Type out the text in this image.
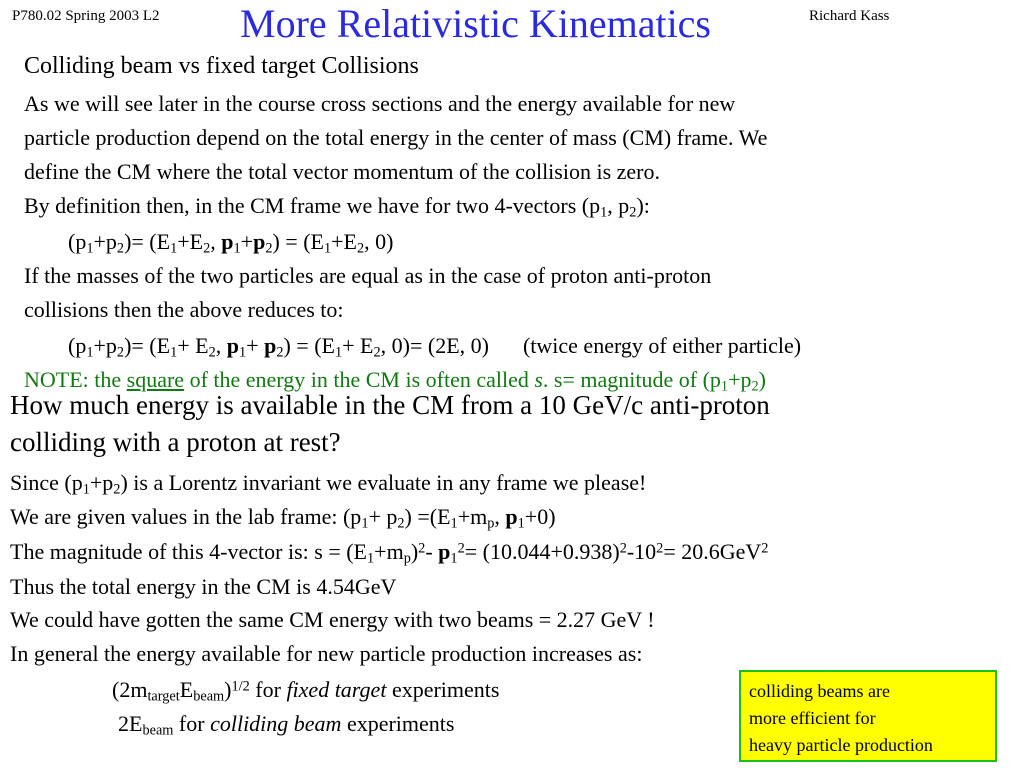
P780.02 Spring 2003 L2 More Relativistic Kinematics	Richard Kass
Colliding beam vs fixed target Collisions
As we will see later in the course cross sections and the energy available for new
particle production depend on the total energy in the center of mass (CM) frame. We
define the CM where the total vector momentum of the collision is zero.
By definition then, in the CM frame we have for two 4-vectors ($p_1$, $p_2$):
$(p_1+p_2)= (E_1+E_2$, $p_1+p_2) = (E_1+E_2$, 0)
If the masses of the two particles are equal as in the case of proton anti-proton
collisions then the above reduces to:
$(p_1+p_2)= (E_1+ E_2$, $p_1+ p_2) = (E_1+ E_2$, 0)= (2E, 0) (twice energy of either particle)
NOTE: the square of the energy in the CM is often called s. s= magnitude of $(p_1+p_2)$
How much energy is available in the CM from a 10 GeV/c anti-proton
colliding with a proton at rest?
Since $(p_1+p_2)$ is a Lorentz invariant we evaluate in any frame we please!
We are given values in the lab frame: $(p_1+ p_2) =(E_1+m_p$, $p_1+0$)
The magnitude of this 4-vector is: $s = (E_1+m_p)^2-$ $p_1^2= (10.044+0.938)^2-10^2= 20.6GeV^2$
Thus the total energy in the CM is 4.54GeV
We could have gotten the same CM energy with two beams = 2.27 GeV !
In general the energy available for new particle production increases as:
$(2m_{target}E_{beam})^{1/2}$ for fixed target experiments
$2E_{beam}$ for colliding beam experiments
colliding beams are
more efficient for
heavy particle production
